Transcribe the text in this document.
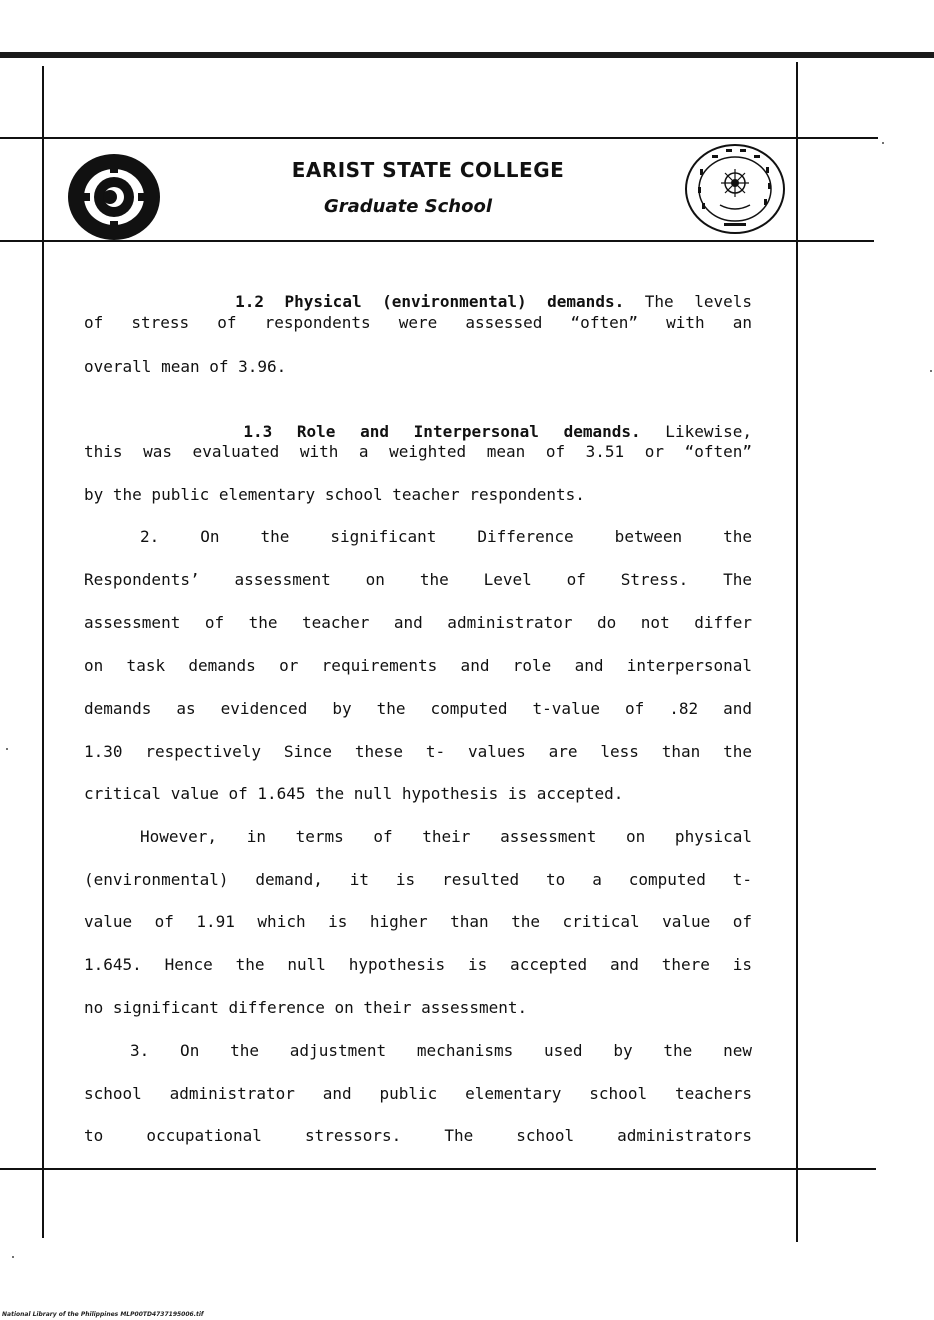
EARIST STATE COLLEGE
Graduate School

1.2 Physical (environmental) demands. The levels

of stress of respondents were assessed “often” with an
overall mean of 3.96.

1.3 Role and Interpersonal demands. Likewise,

this was evaluated with a weighted mean of 3.51 or “often”
by the public elementary school teacher respondents.
2. On the significant Difference between the
Respondents’ assessment on the Level of Stress. The
assessment of the teacher and administrator do not differ
on task demands or requirements and role and interpersonal
demands as evidenced by the computed t-value of .82 and
1.30 respectively Since these t- values are less than the
critical value of 1.645 the null hypothesis is accepted.
However, in terms of their assessment on physical
(environmental) demand, it is resulted to a computed t-
value of 1.91 which is higher than the critical value of
1.645. Hence the null hypothesis is accepted and there is
no significant difference on their assessment.
3. On the adjustment mechanisms used by the new
school administrator and public elementary school teachers
to occupational stressors. The school administrators
National Library of the Philippines MLP00TD4737195006.tif
